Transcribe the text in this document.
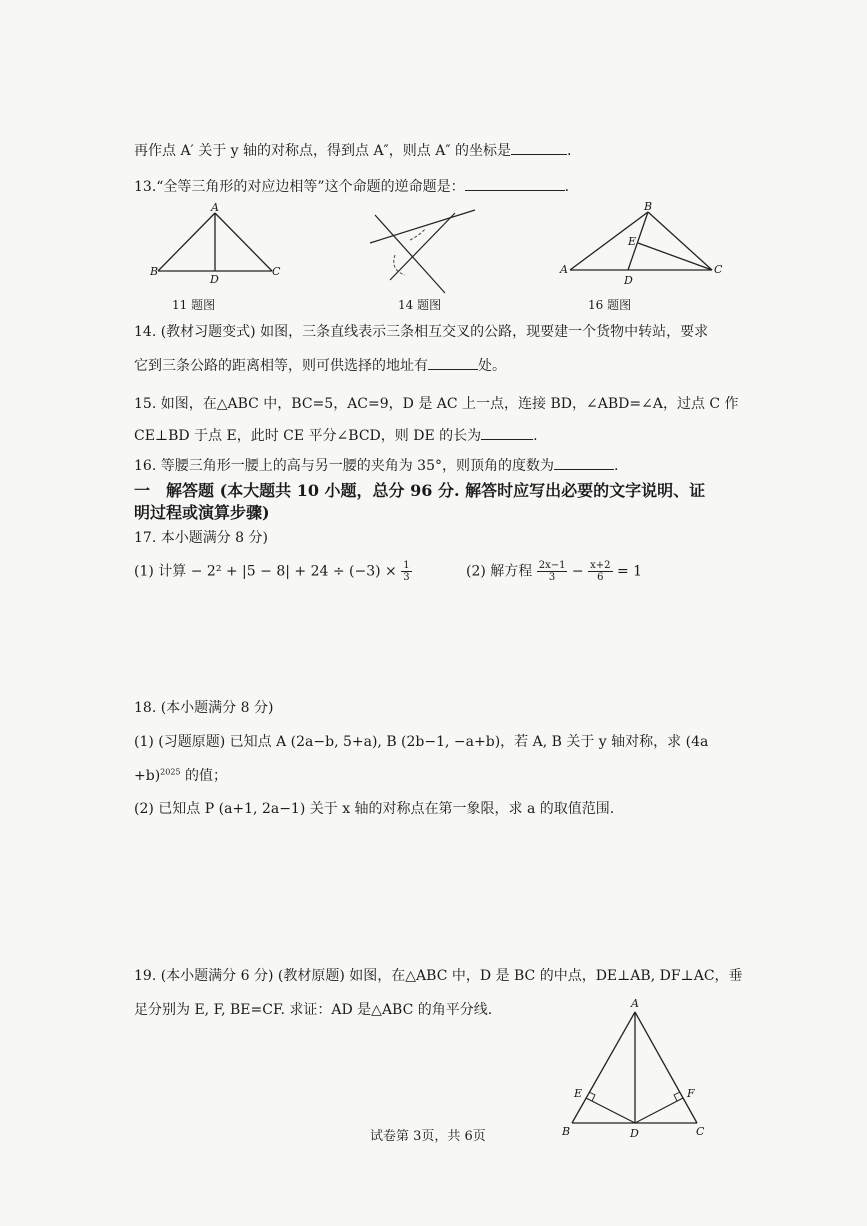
再作点 A′ 关于 y 轴的对称点，得到点 A″，则点 A″ 的坐标是	.
13.“全等三角形的对应边相等”这个命题的逆命题是：	.
A
B
D
C
11 题图	14 题图
B
A	C
D
E
16 题图
14. (教材习题变式) 如图，三条直线表示三条相互交叉的公路，现要建一个货物中转站，要求
它到三条公路的距离相等，则可供选择的地址有	处。
15. 如图，在△ABC 中，BC=5，AC=9，D 是 AC 上一点，连接 BD，∠ABD=∠A，过点 C 作
CE⊥BD 于点 E，此时 CE 平分∠BCD，则 DE 的长为	.
16. 等腰三角形一腰上的高与另一腰的夹角为 35°，则顶角的度数为	.
一　解答题 (本大题共 10 小题，总分 96 分. 解答时应写出必要的文字说明、证
明过程或演算步骤)
17. 本小题满分 8 分)
(1) 计算 − $2^2 + |5 - 8| + 24 \div (-3) \times \frac{1}{3}$	(2) 解方程 $\frac{2x-1}{3} - \frac{x+2}{6} = 1$
18. (本小题满分 8 分)
(1) (习题原题) 已知点 A (2a−b, 5+a), B (2b−1, −a+b)，若 A, B 关于 y 轴对称，求 (4a
+b)$^{2025}$ 的值；
(2) 已知点 P (a+1, 2a−1) 关于 x 轴的对称点在第一象限，求 a 的取值范围.
19. (本小题满分 6 分) (教材原题) 如图，在△ABC 中，D 是 BC 的中点，DE⊥AB, DF⊥AC，垂
足分别为 E, F, BE=CF. 求证：AD 是△ABC 的角平分线.	A
B	C
D
E	F
试卷第 3页，共 6页
